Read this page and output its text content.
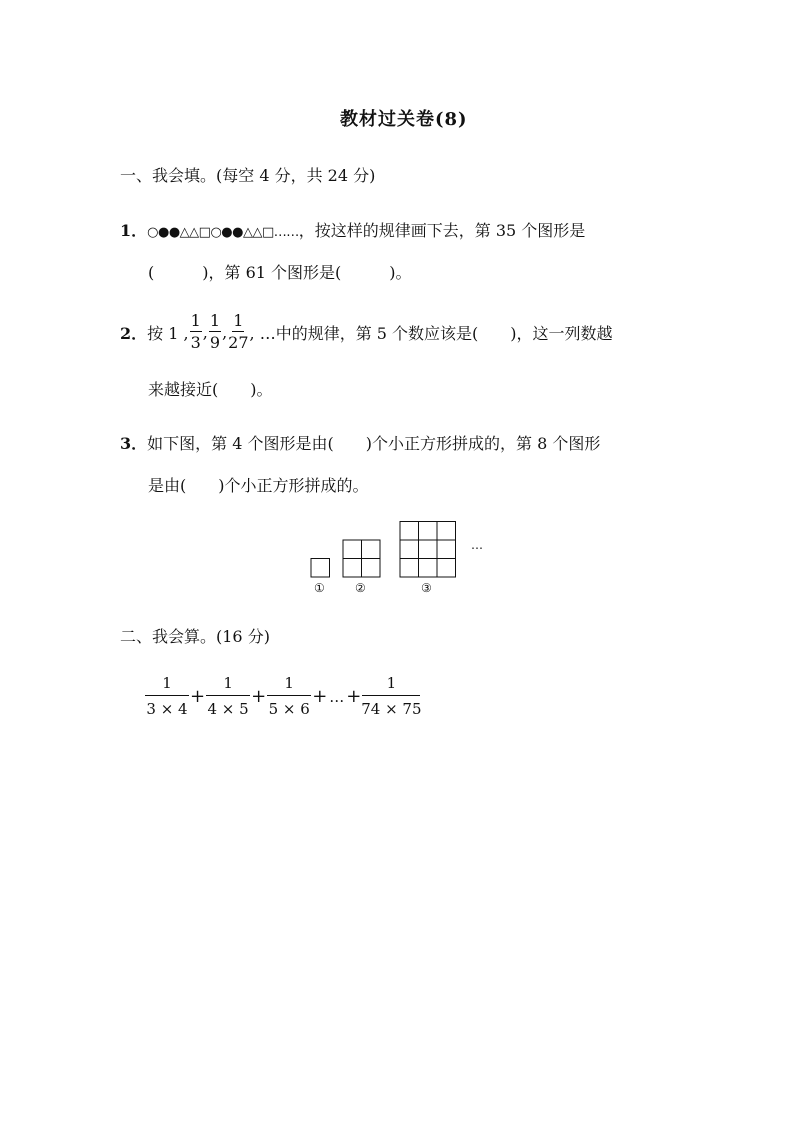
教材过关卷(8)
一、我会填。(每空 4 分，共 24 分)
1．○●●△△□○●●△△□……，按这样的规律画下去，第 35 个图形是
(　　　)，第 61 个图形是(　　　)。
2． 按 1 , $\frac{1}{3}$ , $\frac{1}{9}$ , $\frac{1}{27}$ , …中的规律，第 5 个数应该是(　　)，这一列数越
来越接近(　　)。
3．如下图，第 4 个图形是由(　　)个小正方形拼成的，第 8 个图形
是由(　　)个小正方形拼成的。
①	②	③
…
二、我会算。(16 分)
$\frac{1}{3 \times 4} + \frac{1}{4 \times 5} + \frac{1}{5 \times 6}$ + … + $\frac{1}{74 \times 75}$
